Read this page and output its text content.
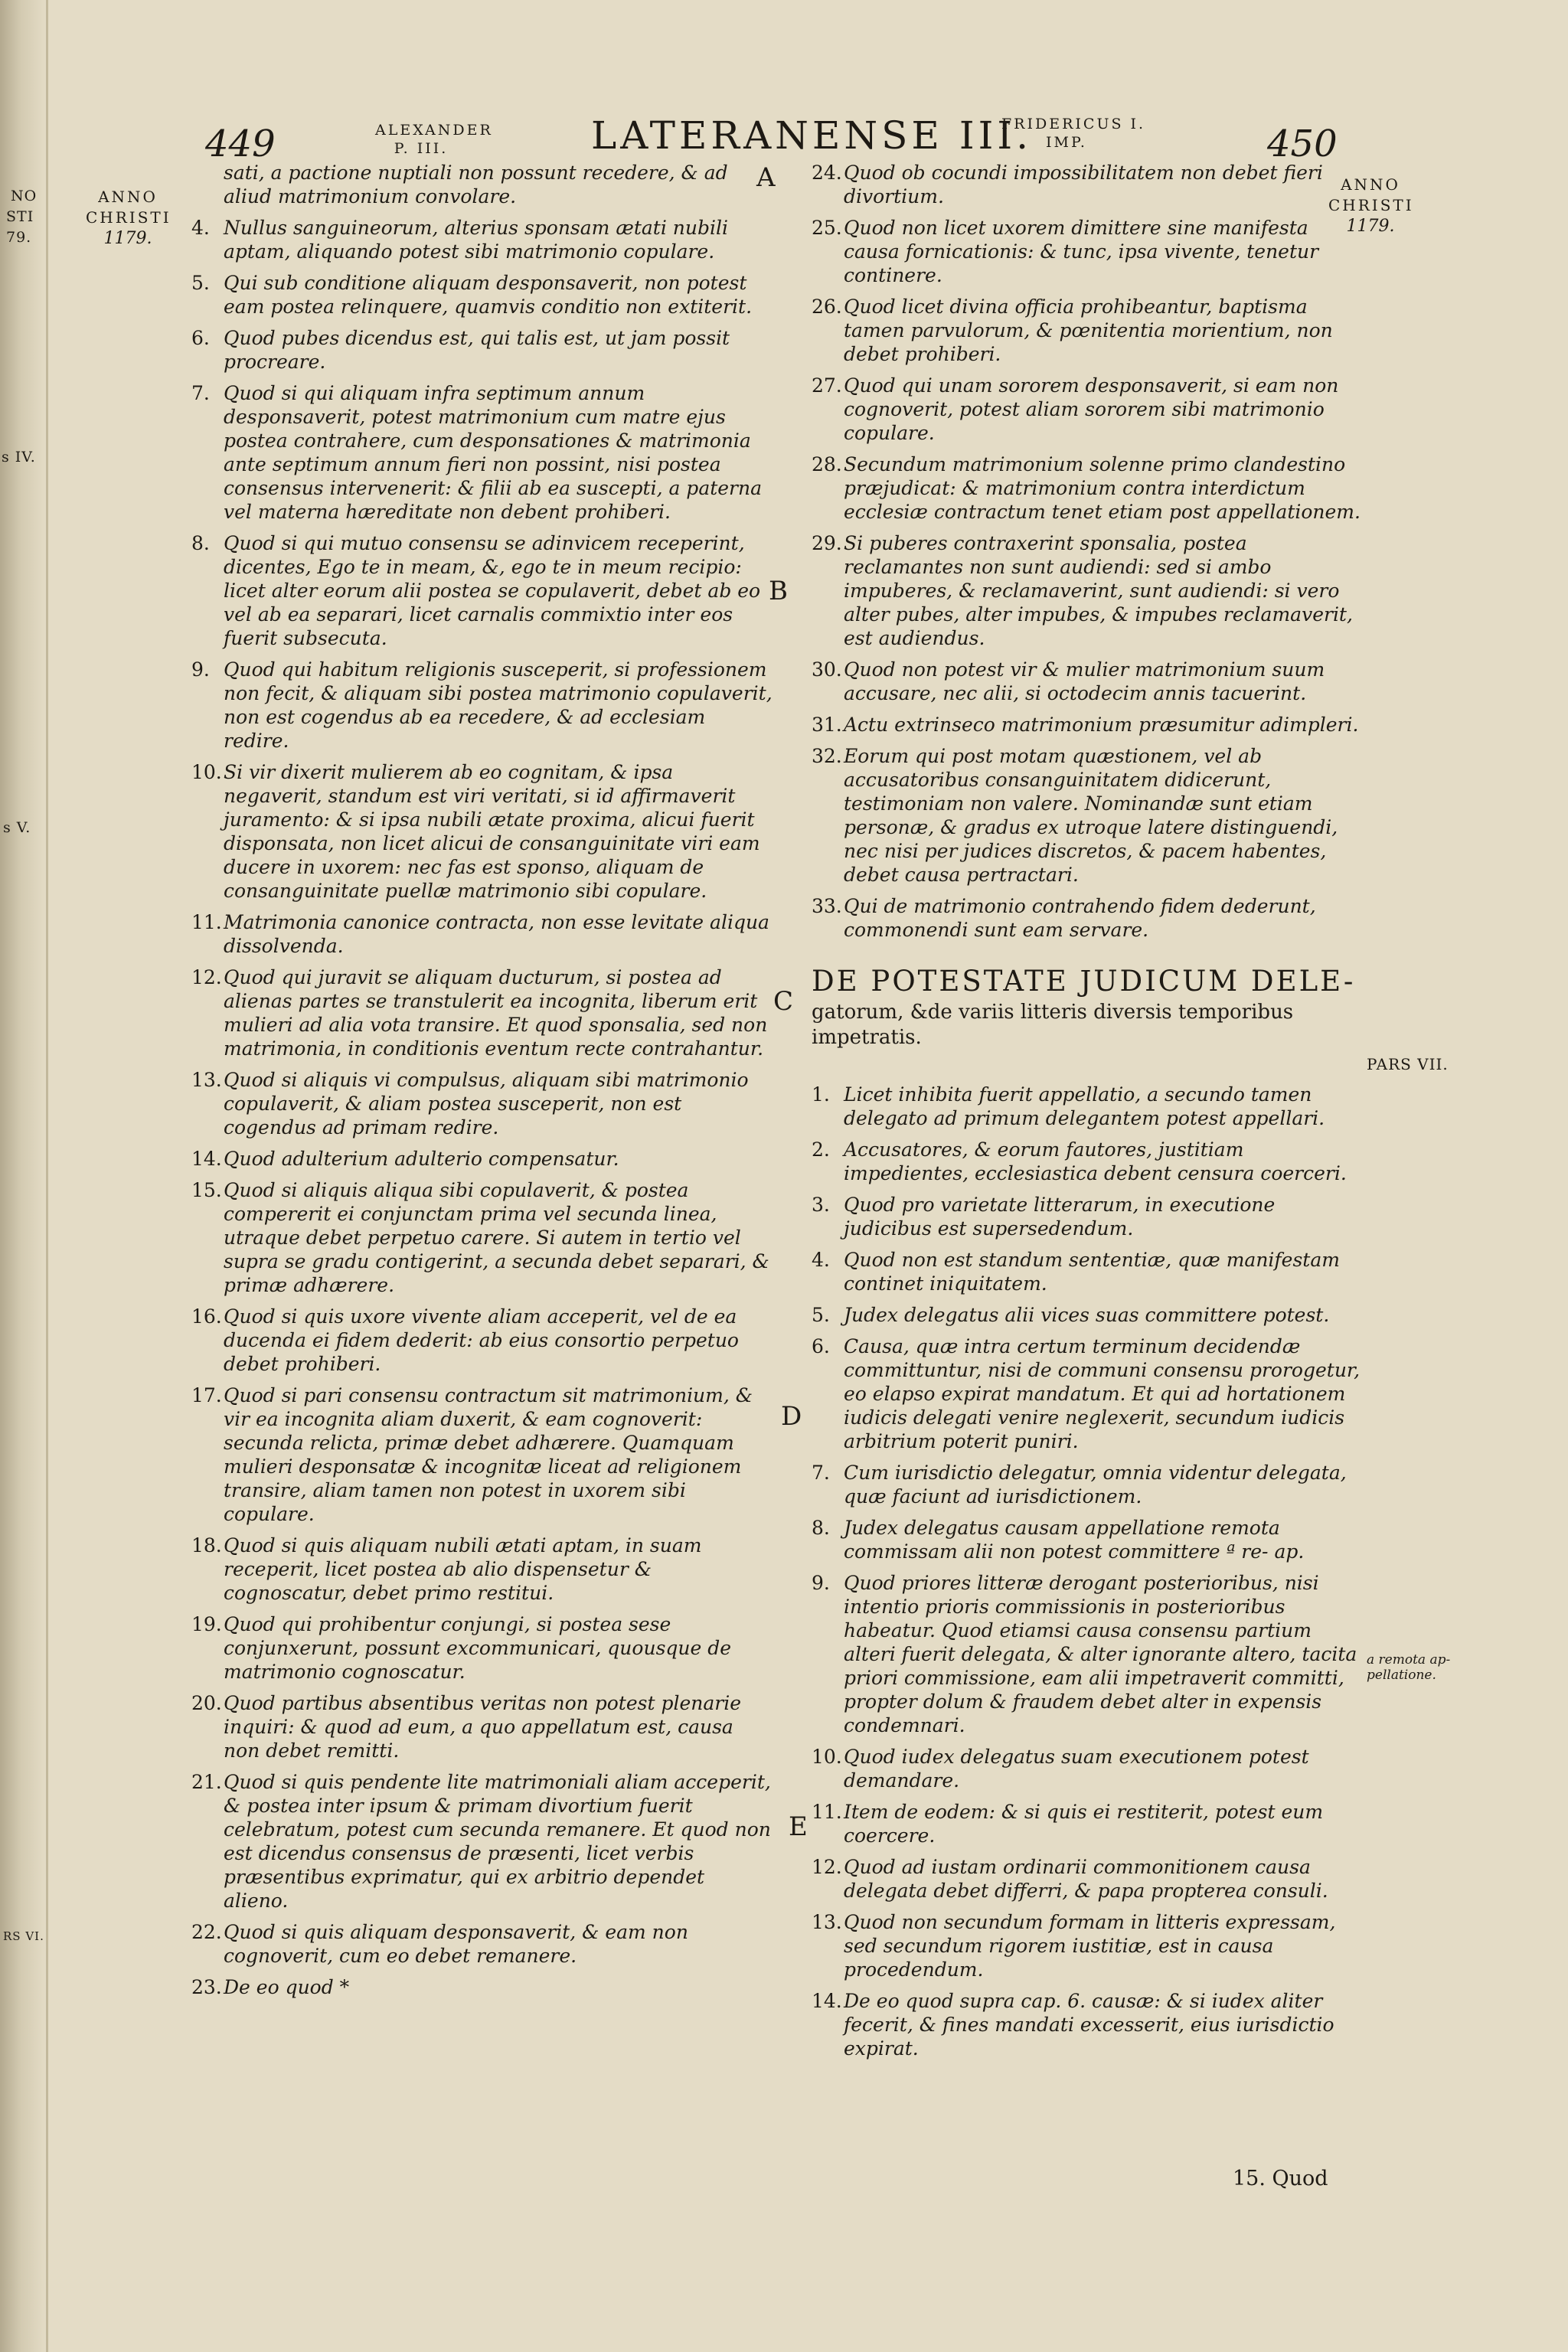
NO
STI
79.
s IV.
s V.
RS VI.
449	ALEXANDER
P. III.	LATERANENSE III.
FRIDERICUS I.
IMP.	450
ANNO
CHRISTI
1179.
ANNO
CHRISTI
1179.
A
B
C
D
E
sati, a pactione nuptiali non possunt recedere, & ad aliud matrimonium convolare.
4. Nullus sanguineorum, alterius sponsam ætati nubili aptam, aliquando potest sibi matrimonio copulare.
5. Qui sub conditione aliquam desponsaverit, non potest eam postea relinquere, quamvis conditio non extiterit.
6. Quod pubes dicendus est, qui talis est, ut jam possit procreare.
7. Quod si qui aliquam infra septimum annum desponsaverit, potest matrimonium cum matre ejus postea contrahere, cum desponsationes & matrimonia ante septimum annum fieri non possint, nisi postea consensus intervenerit: & filii ab ea suscepti, a paterna vel materna hæreditate non debent prohiberi.
8. Quod si qui mutuo consensu se adinvicem receperint, dicentes, Ego te in meam, &, ego te in meum recipio: licet alter eorum alii postea se copulaverit, debet ab eo vel ab ea separari, licet carnalis commixtio inter eos fuerit subsecuta.
9. Quod qui habitum religionis susceperit, si professionem non fecit, & aliquam sibi postea matrimonio copulaverit, non est cogendus ab ea recedere, & ad ecclesiam redire.
10. Si vir dixerit mulierem ab eo cognitam, & ipsa negaverit, standum est viri veritati, si id affirmaverit juramento: & si ipsa nubili ætate proxima, alicui fuerit disponsata, non licet alicui de consanguinitate viri eam ducere in uxorem: nec fas est sponso, aliquam de consanguinitate puellæ matrimonio sibi copulare.
11. Matrimonia canonice contracta, non esse levitate aliqua dissolvenda.
12. Quod qui juravit se aliquam ducturum, si postea ad alienas partes se transtulerit ea incognita, liberum erit mulieri ad alia vota transire. Et quod sponsalia, sed non matrimonia, in conditionis eventum recte contrahantur.
13. Quod si aliquis vi compulsus, aliquam sibi matrimonio copulaverit, & aliam postea susceperit, non est cogendus ad primam redire.
14. Quod adulterium adulterio compensatur.
15. Quod si aliquis aliqua sibi copulaverit, & postea compererit ei conjunctam prima vel secunda linea, utraque debet perpetuo carere. Si autem in tertio vel supra se gradu contigerint, a secunda debet separari, & primæ adhærere.
16. Quod si quis uxore vivente aliam acceperit, vel de ea ducenda ei fidem dederit: ab eius consortio perpetuo debet prohiberi.
17. Quod si pari consensu contractum sit matrimonium, & vir ea incognita aliam duxerit, & eam cognoverit: secunda relicta, primæ debet adhærere. Quamquam mulieri desponsatæ & incognitæ liceat ad religionem transire, aliam tamen non potest in uxorem sibi copulare.
18. Quod si quis aliquam nubili ætati aptam, in suam receperit, licet postea ab alio dispensetur & cognoscatur, debet primo restitui.
19. Quod qui prohibentur conjungi, si postea sese conjunxerunt, possunt excommunicari, quousque de matrimonio cognoscatur.
20. Quod partibus absentibus veritas non potest plenarie inquiri: & quod ad eum, a quo appellatum est, causa non debet remitti.
21. Quod si quis pendente lite matrimoniali aliam acceperit, & postea inter ipsum & primam divortium fuerit celebratum, potest cum secunda remanere. Et quod non est dicendus consensus de præsenti, licet verbis præsentibus exprimatur, qui ex arbitrio dependet alieno.
22. Quod si quis aliquam desponsaverit, & eam non cognoverit, cum eo debet remanere.
23. De eo quod *
24. Quod ob cocundi impossibilitatem non debet fieri divortium.
25. Quod non licet uxorem dimittere sine manifesta causa fornicationis: & tunc, ipsa vivente, tenetur continere.
26. Quod licet divina officia prohibeantur, baptisma tamen parvulorum, & pœnitentia morientium, non debet prohiberi.
27. Quod qui unam sororem desponsaverit, si eam non cognoverit, potest aliam sororem sibi matrimonio copulare.
28. Secundum matrimonium solenne primo clandestino præjudicat: & matrimonium contra interdictum ecclesiæ contractum tenet etiam post appellationem.
29. Si puberes contraxerint sponsalia, postea reclamantes non sunt audiendi: sed si ambo impuberes, & reclamaverint, sunt audiendi: si vero alter pubes, alter impubes, & impubes reclamaverit, est audiendus.
30. Quod non potest vir & mulier matrimonium suum accusare, nec alii, si octodecim annis tacuerint.
31. Actu extrinseco matrimonium præsumitur adimpleri.
32. Eorum qui post motam quæstionem, vel ab accusatoribus consanguinitatem didicerunt, testimoniam non valere. Nominandæ sunt etiam personæ, & gradus ex utroque latere distinguendi, nec nisi per judices discretos, & pacem habentes, debet causa pertractari.
33. Qui de matrimonio contrahendo fidem dederunt, commonendi sunt eam servare.
DE POTESTATE JUDICUM DELE-
gatorum, &de variis litteris diversis temporibus impetratis.
1. Licet inhibita fuerit appellatio, a secundo tamen delegato ad primum delegantem potest appellari.
2. Accusatores, & eorum fautores, justitiam impedientes, ecclesiastica debent censura coerceri.
3. Quod pro varietate litterarum, in executione judicibus est supersedendum.
4. Quod non est standum sententiæ, quæ manifestam continet iniquitatem.
5. Judex delegatus alii vices suas committere potest.
6. Causa, quæ intra certum terminum decidendæ committuntur, nisi de communi consensu prorogetur, eo elapso expirat mandatum. Et qui ad hortationem iudicis delegati venire neglexerit, secundum iudicis arbitrium poterit puniri.
7. Cum iurisdictio delegatur, omnia videntur delegata, quæ faciunt ad iurisdictionem.
8. Judex delegatus causam appellatione remota commissam alii non potest committere ª re- ap.
9. Quod priores litteræ derogant posterioribus, nisi intentio prioris commissionis in posterioribus habeatur. Quod etiamsi causa consensu partium alteri fuerit delegata, & alter ignorante altero, tacita priori commissione, eam alii impetraverit committi, propter dolum & fraudem debet alter in expensis condemnari.
10. Quod iudex delegatus suam executionem potest demandare.
11. Item de eodem: & si quis ei restiterit, potest eum coercere.
12. Quod ad iustam ordinarii commonitionem causa delegata debet differri, & papa propterea consuli.
13. Quod non secundum formam in litteris expressam, sed secundum rigorem iustitiæ, est in causa procedendum.
14. De eo quod supra cap. 6. causæ: & si iudex aliter fecerit, & fines mandati excesserit, eius iurisdictio expirat.
PARS VII.
a remota ap-
pellatione.
15. Quod
